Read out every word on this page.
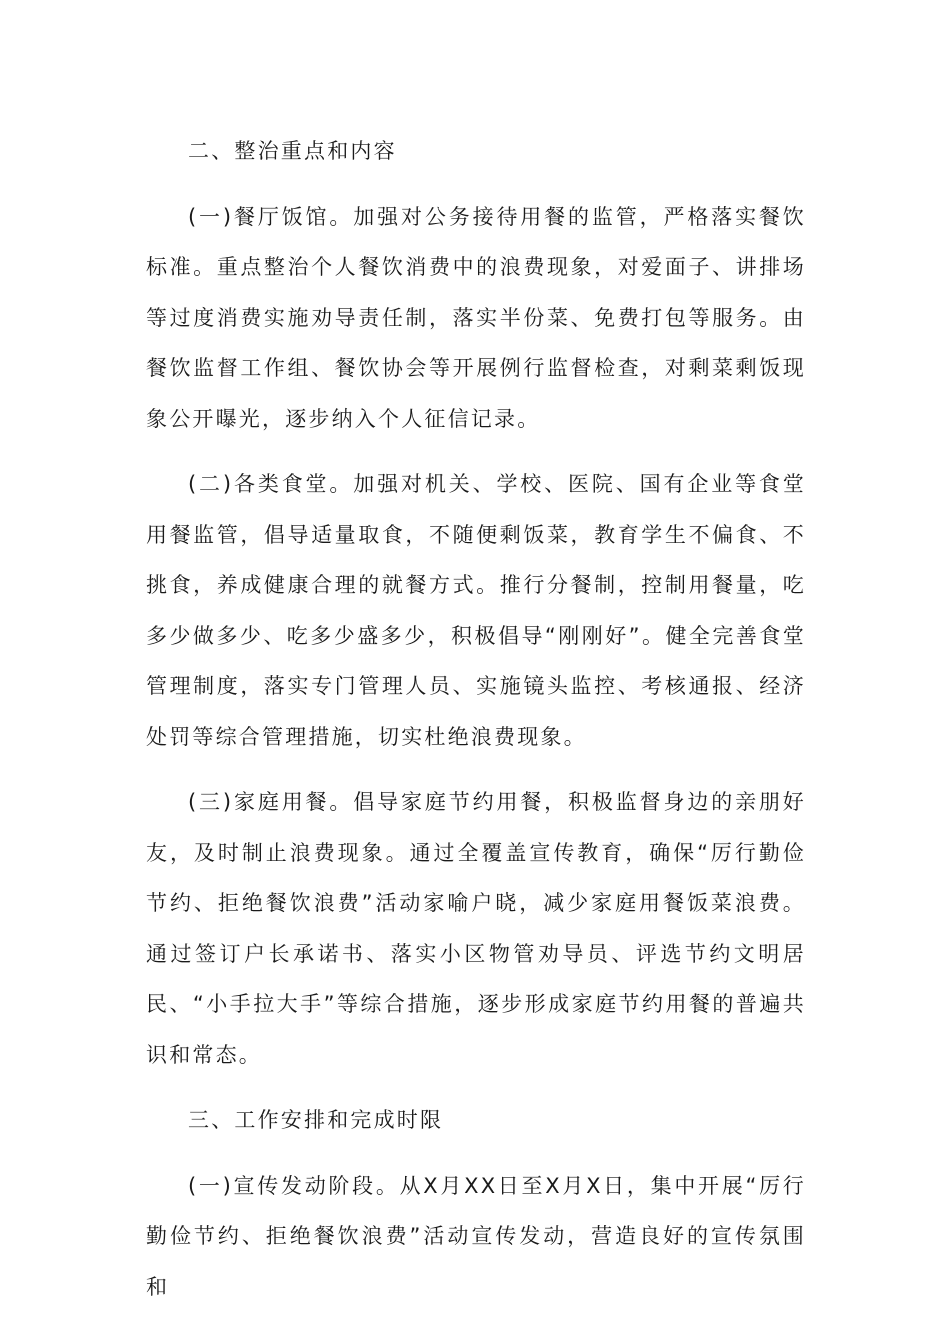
二、整治重点和内容

(一)餐厅饭馆。加强对公务接待用餐的监管，严格落实餐饮标准。重点整治个人餐饮消费中的浪费现象，对爱面子、讲排场等过度消费实施劝导责任制，落实半份菜、免费打包等服务。由餐饮监督工作组、餐饮协会等开展例行监督检查，对剩菜剩饭现象公开曝光，逐步纳入个人征信记录。

(二)各类食堂。加强对机关、学校、医院、国有企业等食堂用餐监管，倡导适量取食，不随便剩饭菜，教育学生不偏食、不挑食，养成健康合理的就餐方式。推行分餐制，控制用餐量，吃多少做多少、吃多少盛多少，积极倡导“刚刚好”。健全完善食堂管理制度，落实专门管理人员、实施镜头监控、考核通报、经济处罚等综合管理措施，切实杜绝浪费现象。

(三)家庭用餐。倡导家庭节约用餐，积极监督身边的亲朋好友，及时制止浪费现象。通过全覆盖宣传教育，确保“厉行勤俭节约、拒绝餐饮浪费”活动家喻户晓，减少家庭用餐饭菜浪费。通过签订户长承诺书、落实小区物管劝导员、评选节约文明居民、“小手拉大手”等综合措施，逐步形成家庭节约用餐的普遍共识和常态。

三、工作安排和完成时限

(一)宣传发动阶段。从X月XX日至X月X日，集中开展“厉行勤俭节约、拒绝餐饮浪费”活动宣传发动，营造良好的宣传氛围和
